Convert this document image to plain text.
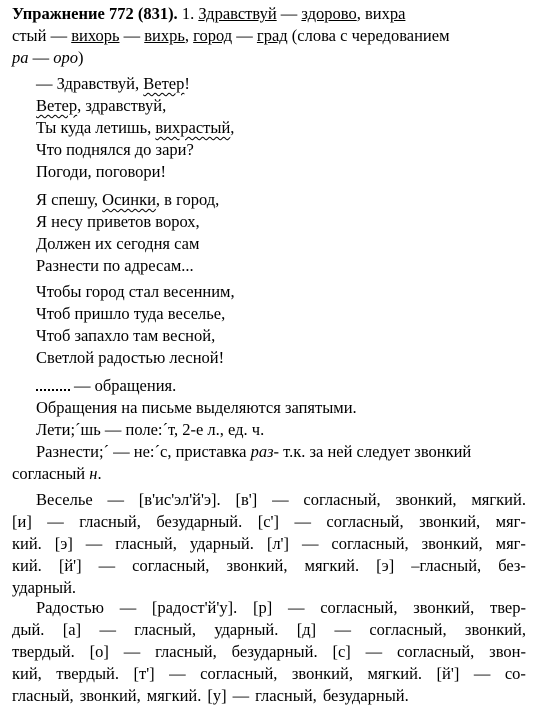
Упражнение 772 (831). 1. Здравствуй — здорово, вихра
стый — вихорь — вихрь, город — град (слова с чередованием
ра — оро)
— Здравствуй, Ветер!
Ветер, здравствуй,
Ты куда летишь, вихрастый,
Что поднялся до зари?
Погоди, поговори!
Я спешу, Осинки, в город,
Я несу приветов ворох,
Должен их сегодня сам
Разнести по адресам...
Чтобы город стал весенним,
Чтоб пришло туда веселье,
Чтоб запахло там весной,
Светлой радостью лесной!
— обращения.
Обращения на письме выделяются запятыми.
Лети;´шь — поле:´т, 2-е л., ед. ч.
Разнести;´ — не:´с, приставка раз- т.к. за ней следует звонкий
согласный н.
Веселье — [в'ис'эл'й'э]. [в'] — согласный, звонкий, мягкий.
[и] — гласный, безударный. [с'] — согласный, звонкий, мяг-
кий. [э] — гласный, ударный. [л'] — согласный, звонкий, мяг-
кий. [й'] — согласный, звонкий, мягкий. [э] –гласный, без-
ударный.
Радостью — [радост'й'у]. [р] — согласный, звонкий, твер-
дый. [а] — гласный, ударный. [д] — согласный, звонкий,
твердый. [о] — гласный, безударный. [с] — согласный, звон-
кий, твердый. [т'] — согласный, звонкий, мягкий. [й'] — со-
гласный, звонкий, мягкий. [у] — гласный, безударный.
